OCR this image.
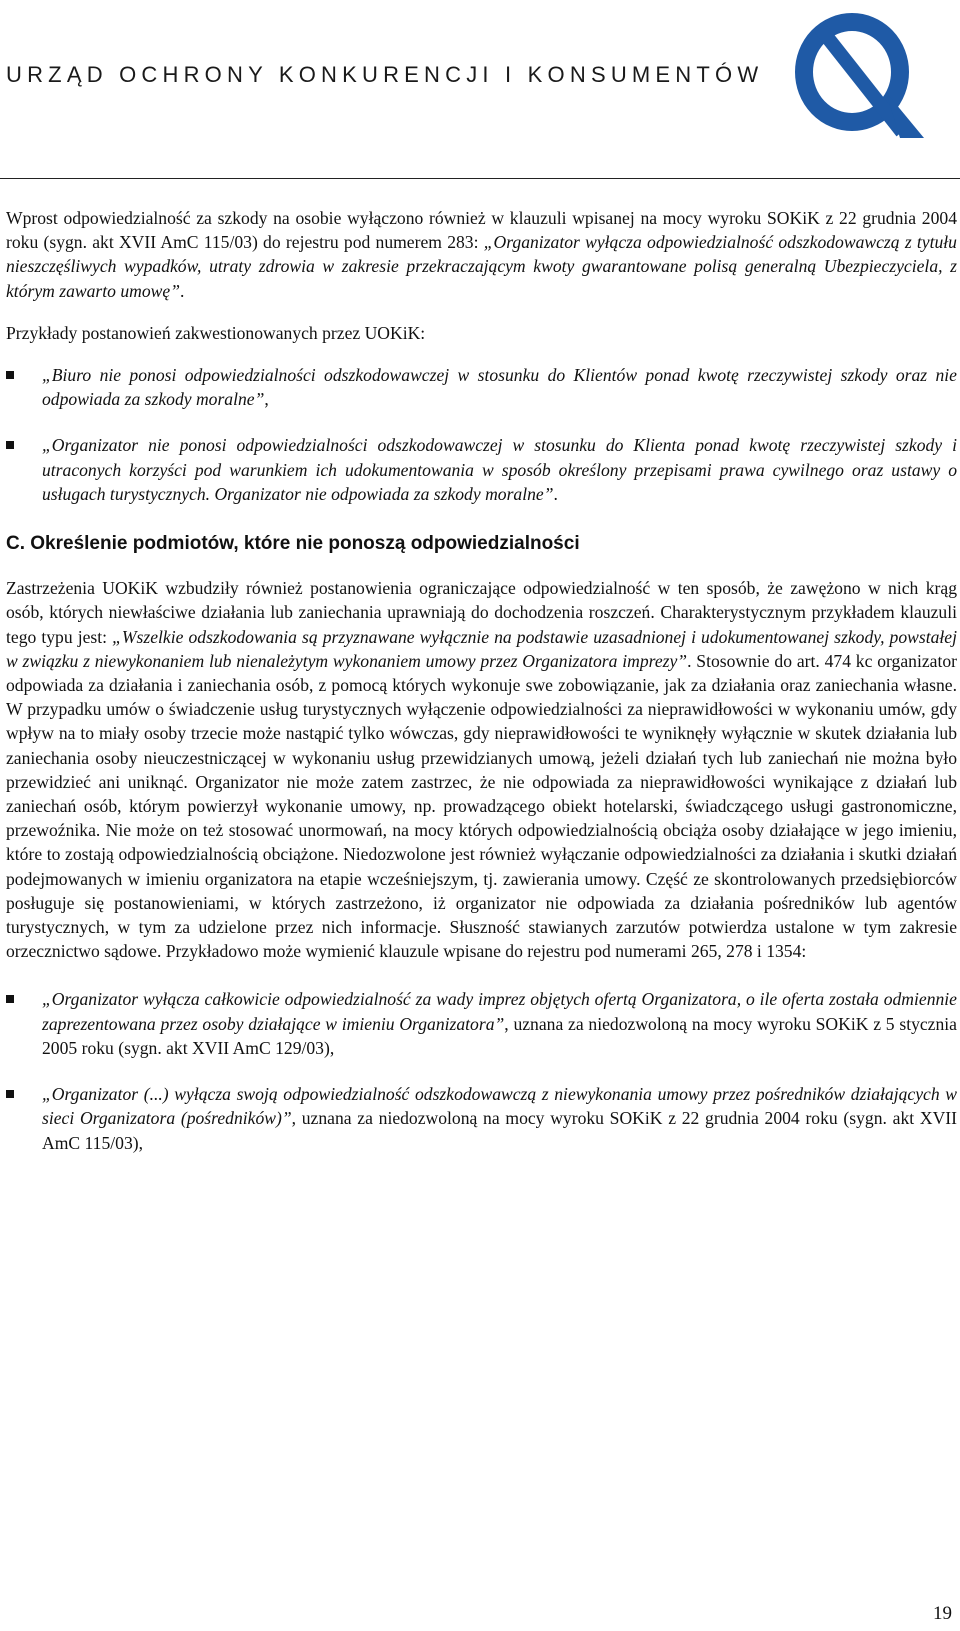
URZĄD OCHRONY KONKURENCJI I KONSUMENTÓW

Wprost odpowiedzialność za szkody na osobie wyłączono również w klauzuli wpisanej na mocy wyroku SOKiK z 22 grudnia 2004 roku (sygn. akt XVII AmC 115/03) do rejestru pod numerem 283: „Organizator wyłącza odpowiedzialność odszkodowawczą z tytułu nieszczęśliwych wypadków, utraty zdrowia w zakresie przekraczającym kwoty gwarantowane polisą generalną Ubezpieczyciela, z którym zawarto umowę”.

Przykłady postanowień zakwestionowanych przez UOKiK:

„Biuro nie ponosi odpowiedzialności odszkodowawczej w stosunku do Klientów ponad kwotę rzeczywistej szkody oraz nie odpowiada za szkody moralne”,
„Organizator nie ponosi odpowiedzialności odszkodowawczej w stosunku do Klienta ponad kwotę rzeczywistej szkody i utraconych korzyści pod warunkiem ich udokumentowania w sposób określony przepisami prawa cywilnego oraz ustawy o usługach turystycznych. Organizator nie odpowiada za szkody moralne”.
C. Określenie podmiotów, które nie ponoszą odpowiedzialności

Zastrzeżenia UOKiK wzbudziły również postanowienia ograniczające odpowiedzialność w ten sposób, że zawężono w nich krąg osób, których niewłaściwe działania lub zaniechania uprawniają do dochodzenia roszczeń. Charakterystycznym przykładem klauzuli tego typu jest: „Wszelkie odszkodowania są przyznawane wyłącznie na podstawie uzasadnionej i udokumentowanej szkody, powstałej w związku z niewykonaniem lub nienależytym wykonaniem umowy przez Organizatora imprezy”. Stosownie do art. 474 kc organizator odpowiada za działania i zaniechania osób, z pomocą których wykonuje swe zobowiązanie, jak za działania oraz zaniechania własne. W przypadku umów o świadczenie usług turystycznych wyłączenie odpowiedzialności za nieprawidłowości w wykonaniu umów, gdy wpływ na to miały osoby trzecie może nastąpić tylko wówczas, gdy nieprawidłowości te wyniknęły wyłącznie w skutek działania lub zaniechania osoby nieuczestniczącej w wykonaniu usług przewidzianych umową, jeżeli działań tych lub zaniechań nie można było przewidzieć ani uniknąć. Organizator nie może zatem zastrzec, że nie odpowiada za nieprawidłowości wynikające z działań lub zaniechań osób, którym powierzył wykonanie umowy, np. prowadzącego obiekt hotelarski, świadczącego usługi gastronomiczne, przewoźnika. Nie może on też stosować unormowań, na mocy których odpowiedzialnością obciąża osoby działające w jego imieniu, które to zostają odpowiedzialnością obciążone. Niedozwolone jest również wyłączanie odpowiedzialności za działania i skutki działań podejmowanych w imieniu organizatora na etapie wcześniejszym, tj. zawierania umowy. Część ze skontrolowanych przedsiębiorców posługuje się postanowieniami, w których zastrzeżono, iż organizator nie odpowiada za działania pośredników lub agentów turystycznych, w tym za udzielone przez nich informacje. Słuszność stawianych zarzutów potwierdza ustalone w tym zakresie orzecznictwo sądowe. Przykładowo może wymienić klauzule wpisane do rejestru pod numerami 265, 278 i 1354:

„Organizator wyłącza całkowicie odpowiedzialność za wady imprez objętych ofertą Organizatora, o ile oferta została odmiennie zaprezentowana przez osoby działające w imieniu Organizatora”, uznana za niedozwoloną na mocy wyroku SOKiK z 5 stycznia 2005 roku (sygn. akt XVII AmC 129/03),
„Organizator (...) wyłącza swoją odpowiedzialność odszkodowawczą z niewykonania umowy przez pośredników działających w sieci Organizatora (pośredników)”, uznana za niedozwoloną na mocy wyroku SOKiK z 22 grudnia 2004 roku (sygn. akt XVII AmC 115/03),
19
